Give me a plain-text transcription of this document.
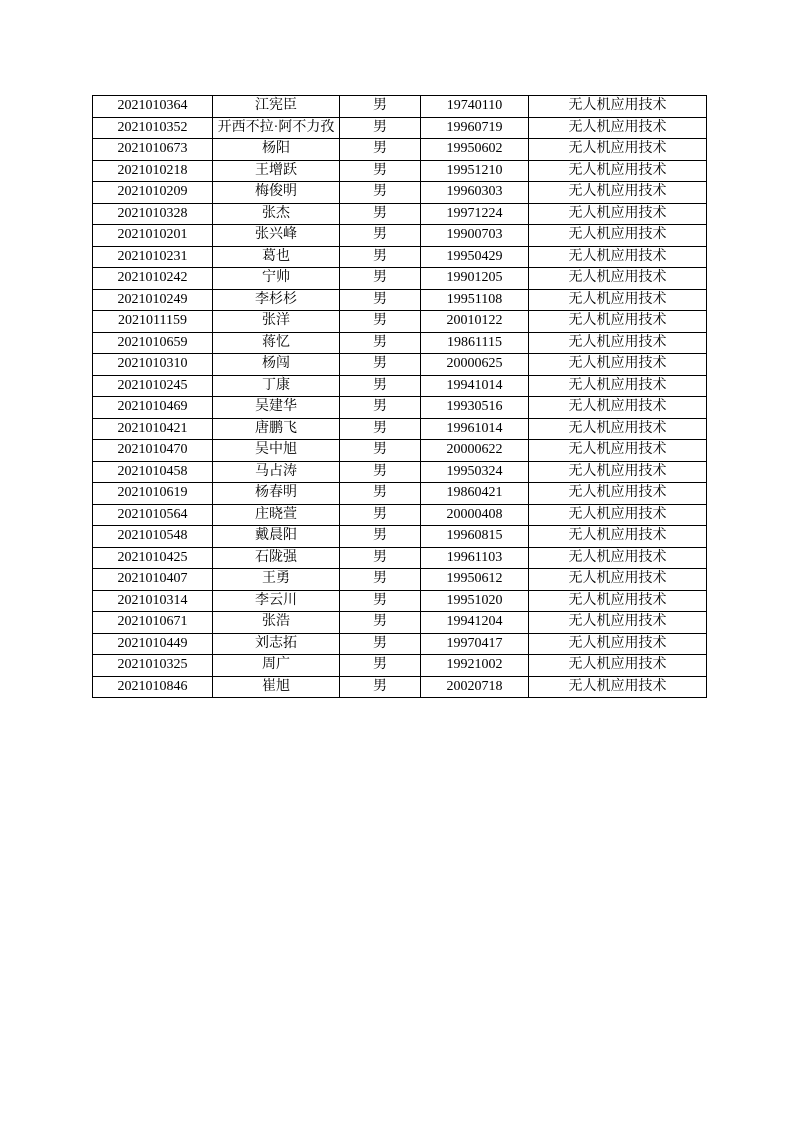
2021010364	江宪臣	男	19740110	无人机应用技术
2021010352	开西不拉·阿不力孜	男	19960719	无人机应用技术
2021010673	杨阳	男	19950602	无人机应用技术
2021010218	王增跃	男	19951210	无人机应用技术
2021010209	梅俊明	男	19960303	无人机应用技术
2021010328	张杰	男	19971224	无人机应用技术
2021010201	张兴峰	男	19900703	无人机应用技术
2021010231	葛也	男	19950429	无人机应用技术
2021010242	宁帅	男	19901205	无人机应用技术
2021010249	李杉杉	男	19951108	无人机应用技术
2021011159	张洋	男	20010122	无人机应用技术
2021010659	蒋忆	男	19861115	无人机应用技术
2021010310	杨闯	男	20000625	无人机应用技术
2021010245	丁康	男	19941014	无人机应用技术
2021010469	吴建华	男	19930516	无人机应用技术
2021010421	唐鹏飞	男	19961014	无人机应用技术
2021010470	吴中旭	男	20000622	无人机应用技术
2021010458	马占涛	男	19950324	无人机应用技术
2021010619	杨春明	男	19860421	无人机应用技术
2021010564	庄晓萱	男	20000408	无人机应用技术
2021010548	戴晨阳	男	19960815	无人机应用技术
2021010425	石陇强	男	19961103	无人机应用技术
2021010407	王勇	男	19950612	无人机应用技术
2021010314	李云川	男	19951020	无人机应用技术
2021010671	张浩	男	19941204	无人机应用技术
2021010449	刘志拓	男	19970417	无人机应用技术
2021010325	周广	男	19921002	无人机应用技术
2021010846	崔旭	男	20020718	无人机应用技术
